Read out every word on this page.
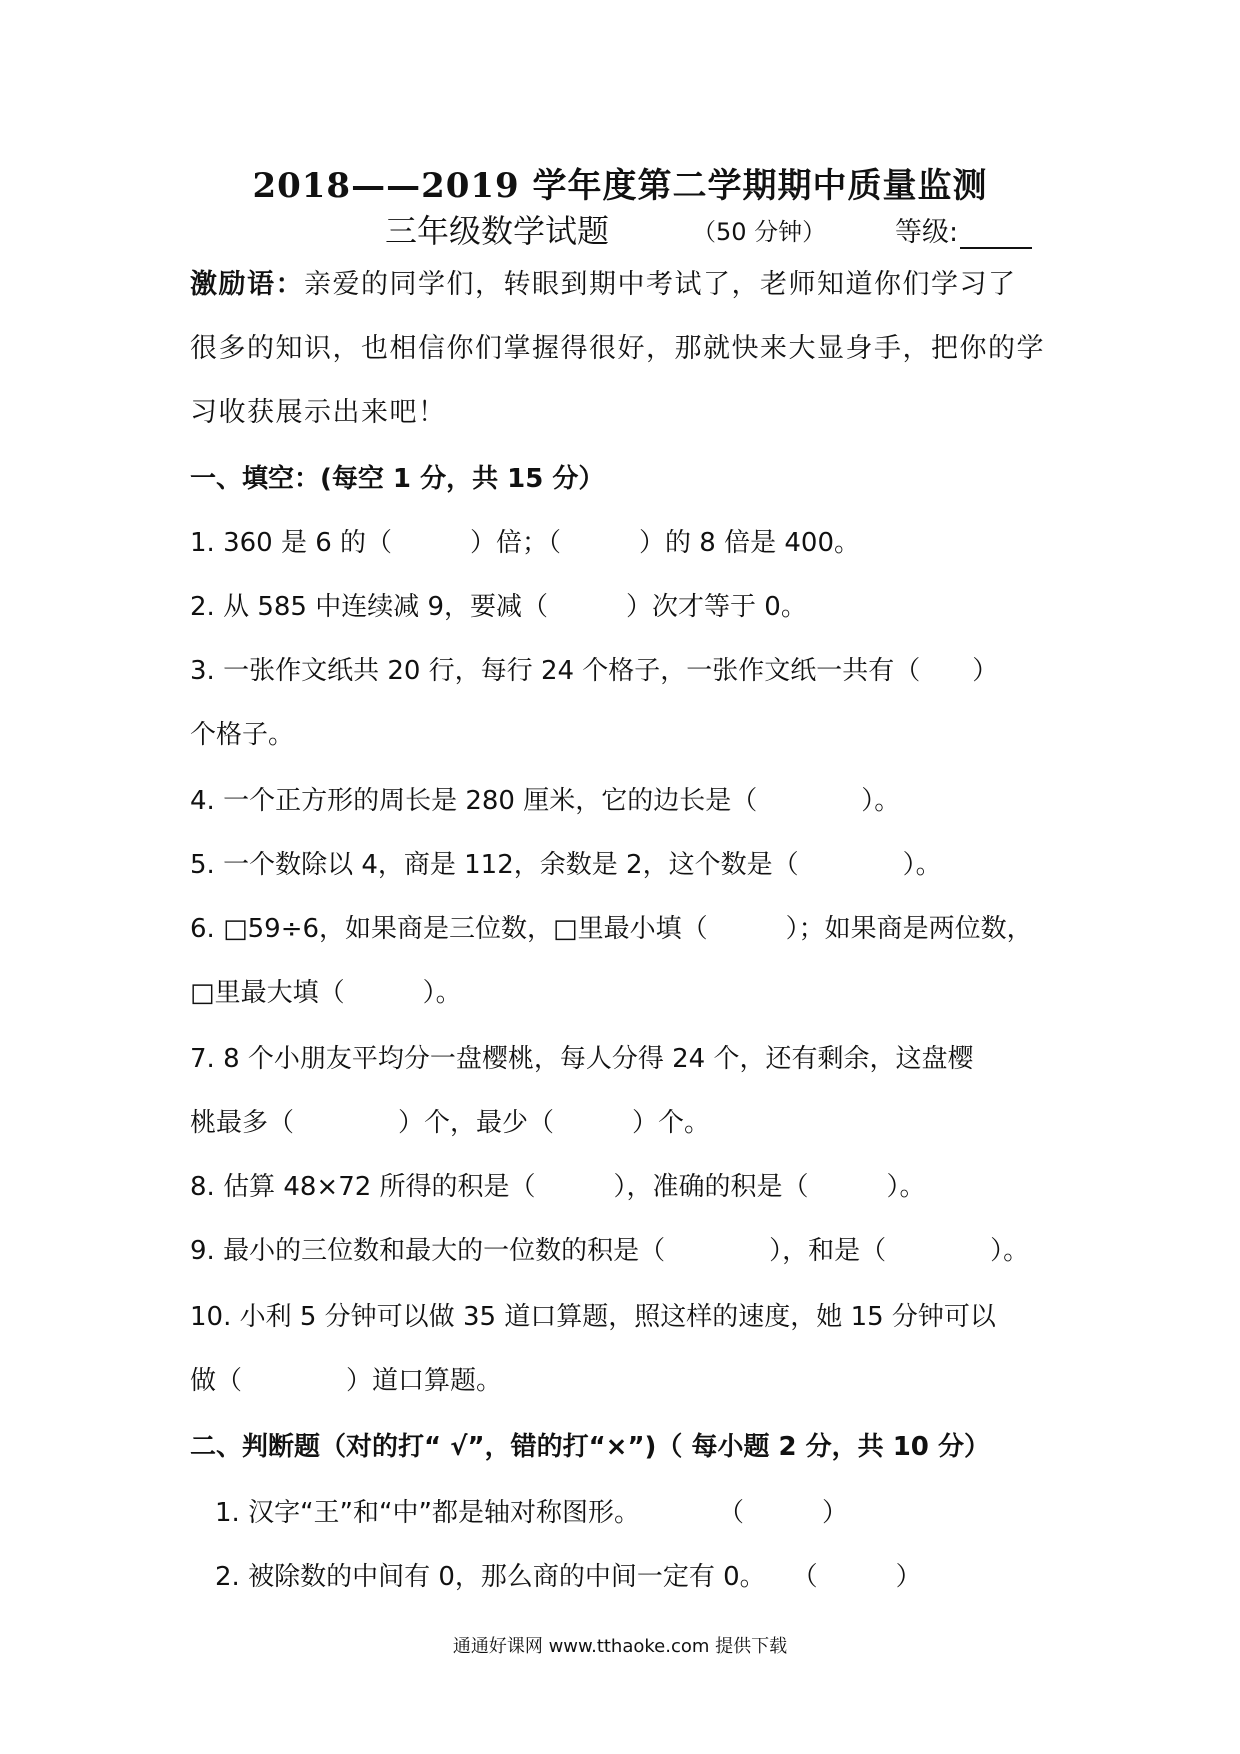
2018——2019 学年度第二学期期中质量监测
三年级数学试题	（50 分钟）	等级:
激励语：亲爱的同学们，转眼到期中考试了，老师知道你们学习了
很多的知识，也相信你们掌握得很好，那就快来大显身手，把你的学
习收获展示出来吧！
一、填空：(每空 1 分，共 15 分）
1. 360 是 6 的（　　　）倍；（　　　）的 8 倍是 400。
2. 从 585 中连续减 9，要减（　　　）次才等于 0。
3. 一张作文纸共 20 行，每行 24 个格子，一张作文纸一共有（　　）
个格子。
4. 一个正方形的周长是 280 厘米，它的边长是（　　　　）。
5. 一个数除以 4，商是 112，余数是 2，这个数是（　　　　）。
6. □59÷6，如果商是三位数，□里最小填（　　　）；如果商是两位数，
□里最大填（　　　）。
7. 8 个小朋友平均分一盘樱桃，每人分得 24 个，还有剩余，这盘樱
桃最多（　　　　）个，最少（　　　）个。
8. 估算 48×72 所得的积是（　　　），准确的积是（　　　）。
9. 最小的三位数和最大的一位数的积是（　　　　），和是（　　　　）。
10. 小利 5 分钟可以做 35 道口算题，照这样的速度，她 15 分钟可以
做（　　　　）道口算题。
二、判断题（对的打“ √”，错的打“×”)（ 每小题 2 分，共 10 分）
1. 汉字“王”和“中”都是轴对称图形。　　　　（　　　）
2. 被除数的中间有 0，那么商的中间一定有 0。　　（　　　）
通通好课网 www.tthaoke.com 提供下载
